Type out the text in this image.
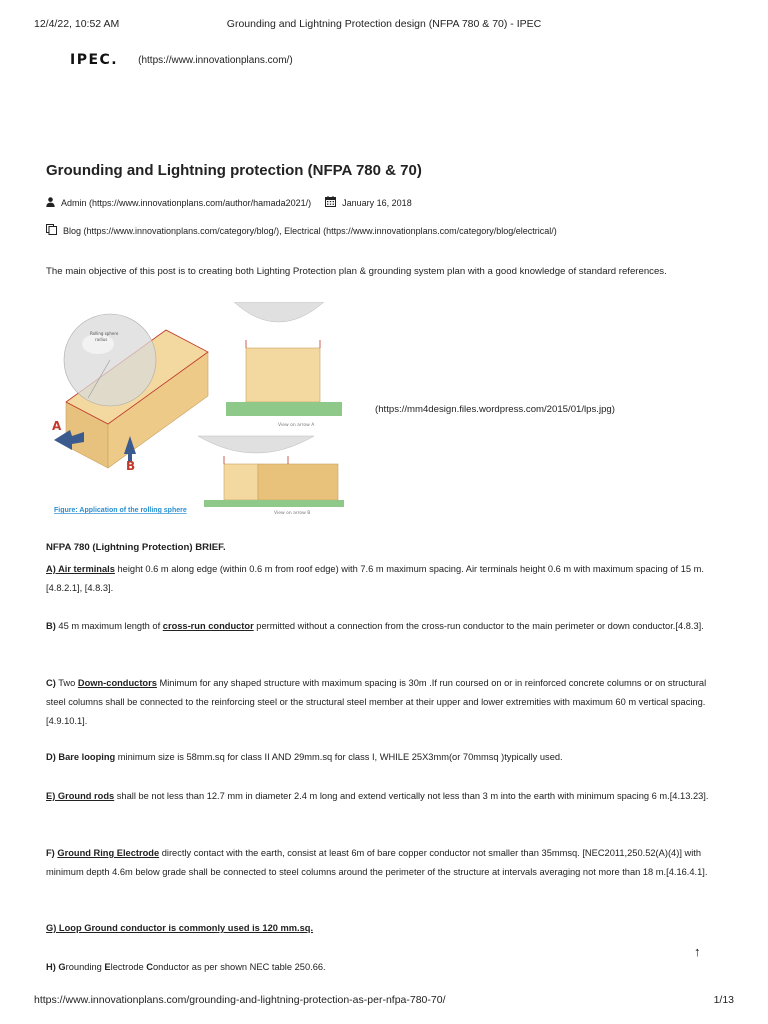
12/4/22, 10:52 AM	Grounding and Lightning Protection design (NFPA 780 & 70) - IPEC
IPEC. (https://www.innovationplans.com/)
Grounding and Lightning protection (NFPA 780 & 70)
Admin (https://www.innovationplans.com/author/hamada2021/)	January 16, 2018
Blog (https://www.innovationplans.com/category/blog/), Electrical (https://www.innovationplans.com/category/blog/electrical/)

The main objective of this post is to creating both Lighting Protection plan & grounding system plan with a good knowledge of standard references.

Rolling sphere
radius
A
B
View on arrow A
View on arrow B
Figure: Application of the rolling sphere
(https://mm4design.files.wordpress.com/2015/01/lps.jpg)

NFPA 780 (Lightning Protection) BRIEF.

A) Air terminals height 0.6 m along edge (within 0.6 m from roof edge) with 7.6 m maximum spacing. Air terminals height 0.6 m with maximum spacing of 15 m. [4.8.2.1], [4.8.3].

B) 45 m maximum length of cross-run conductor permitted without a connection from the cross-run conductor to the main perimeter or down conductor.[4.8.3].

C) Two Down-conductors Minimum for any shaped structure with maximum spacing is 30m .If run coursed on or in reinforced concrete columns or on structural steel columns shall be connected to the reinforcing steel or the structural steel member at their upper and lower extremities with maximum 60 m vertical spacing.[4.9.10.1].

D) Bare looping minimum size is 58mm.sq for class II AND 29mm.sq for class I, WHILE 25X3mm(or 70mmsq )typically used.

E) Ground rods shall be not less than 12.7 mm in diameter 2.4 m long and extend vertically not less than 3 m into the earth with minimum spacing 6 m.[4.13.23].

F) Ground Ring Electrode directly contact with the earth, consist at least 6m of bare copper conductor not smaller than 35mmsq. [NEC2011,250.52(A)(4)] with minimum depth 4.6m below grade shall be connected to steel columns around the perimeter of the structure at intervals averaging not more than 18 m.[4.16.4.1].

G) Loop Ground conductor is commonly used is 120 mm.sq.

H) Grounding Electrode Conductor as per shown NEC table 250.66.

↑
https://www.innovationplans.com/grounding-and-lightning-protection-as-per-nfpa-780-70/	1/13
